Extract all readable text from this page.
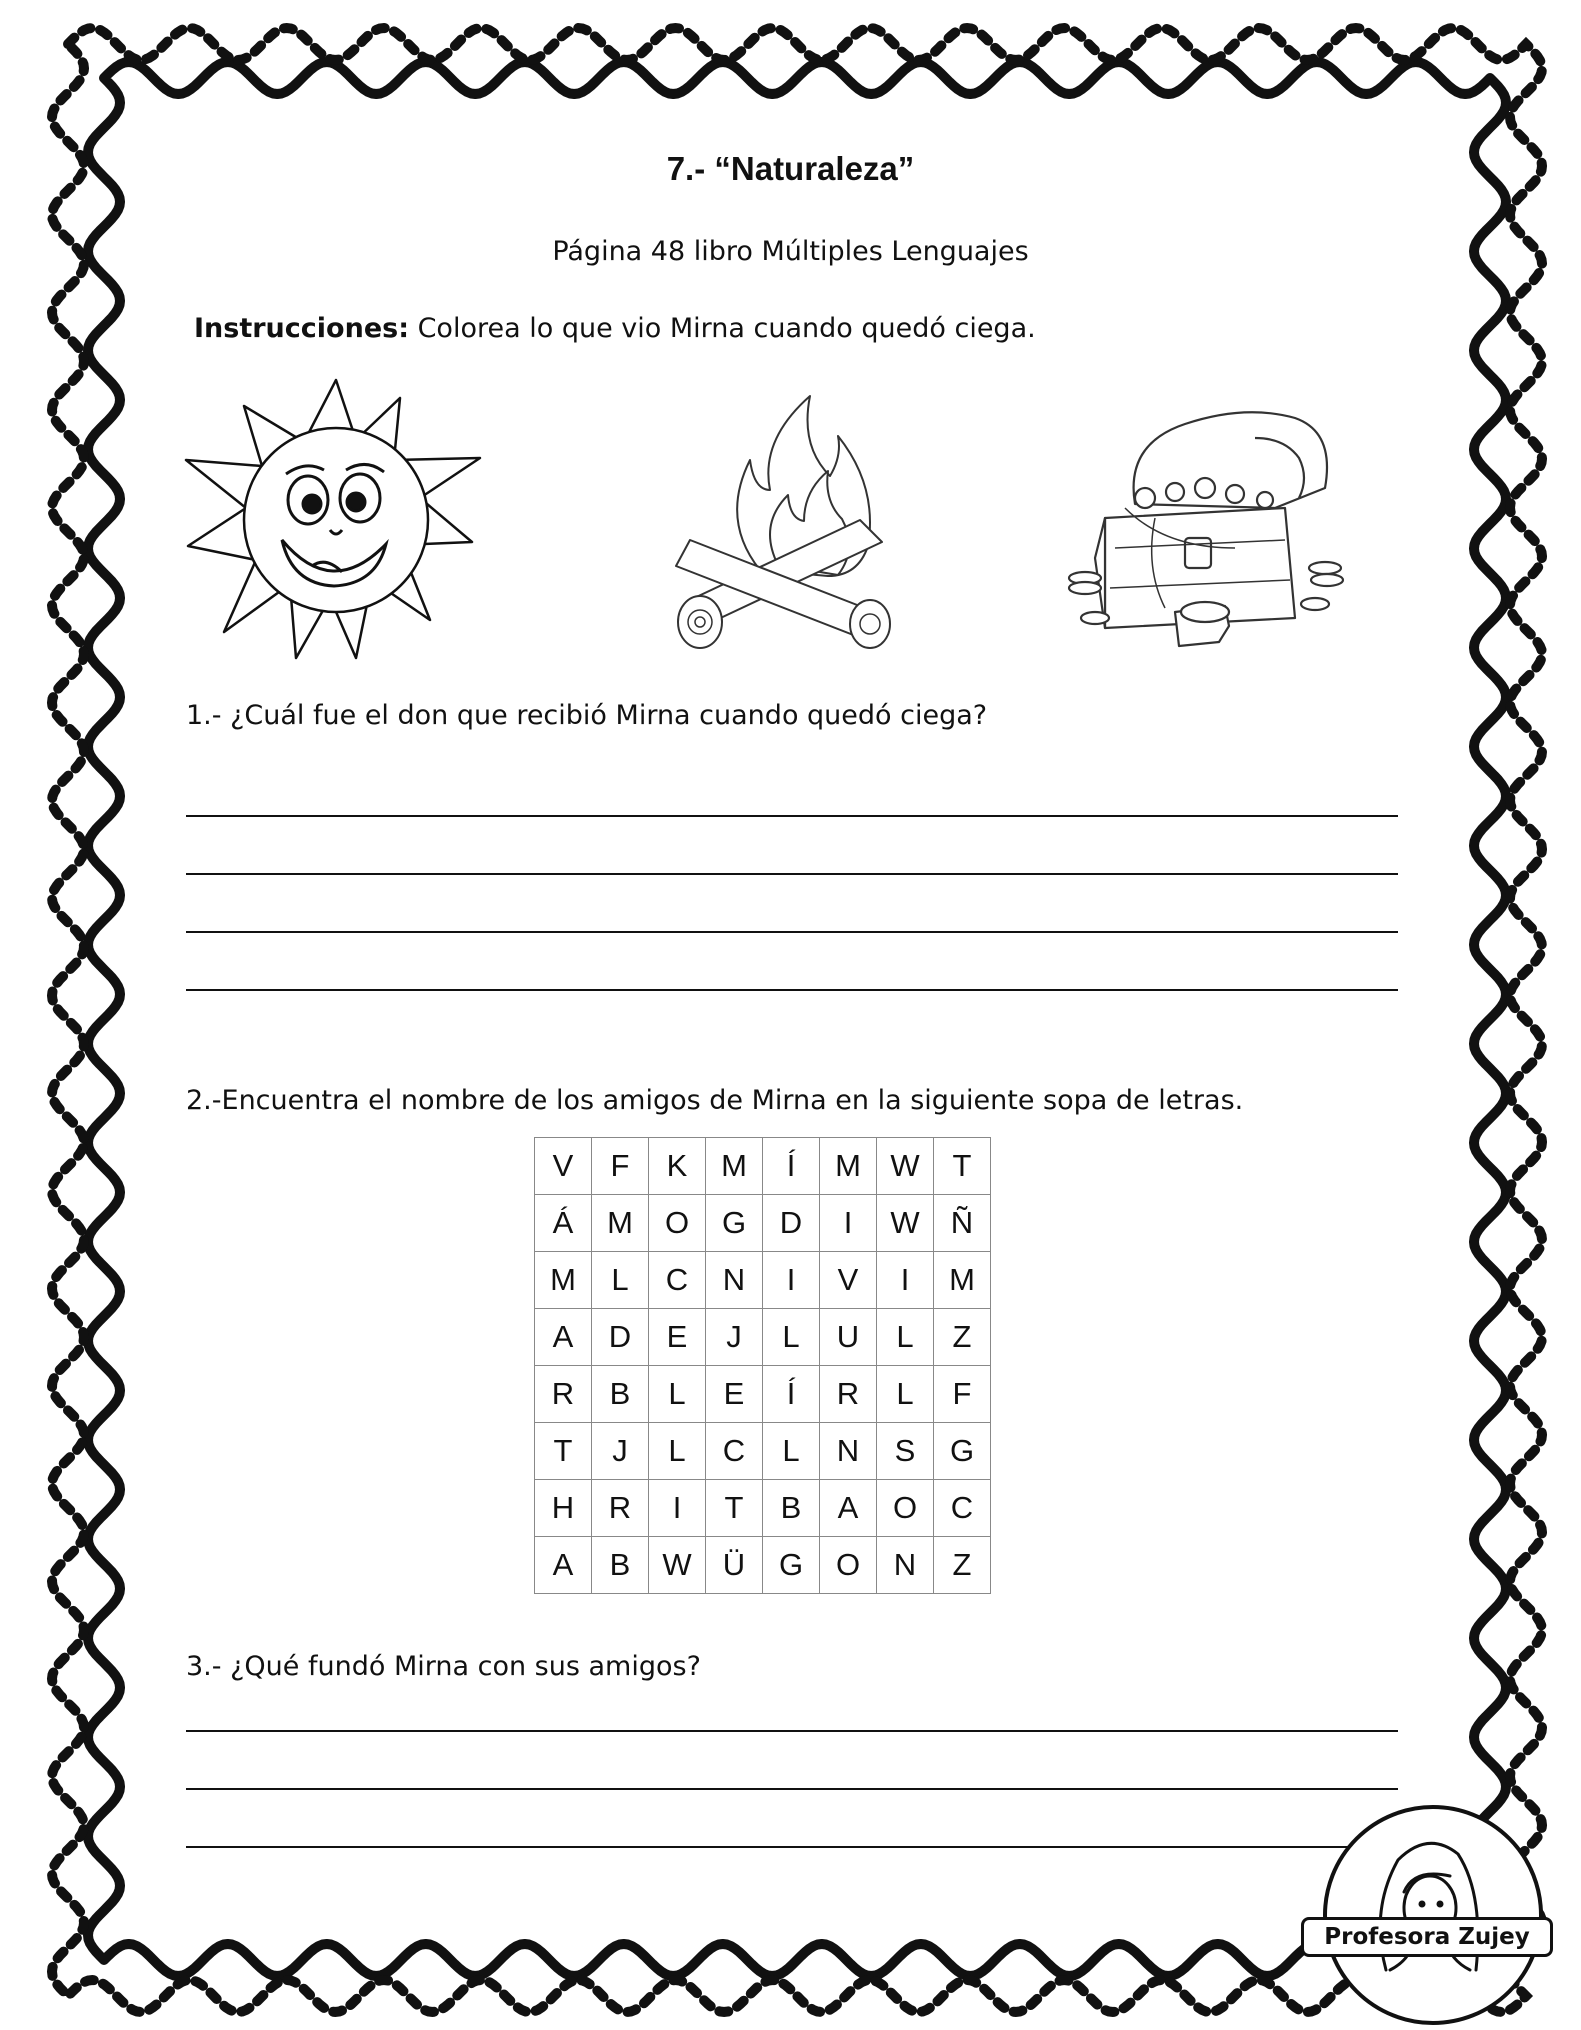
7.- “Naturaleza”
Página 48 libro Múltiples Lenguajes
Instrucciones: Colorea lo que vio Mirna cuando quedó ciega.
1.- ¿Cuál fue el don que recibió Mirna cuando quedó ciega?
2.-Encuentra el nombre de los amigos de Mirna en la siguiente sopa de letras.
V	F	K	M	Í	M	W	T
Á	M	O	G	D	I	W	Ñ
M	L	C	N	I	V	I	M
A	D	E	J	L	U	L	Z
R	B	L	E	Í	R	L	F
T	J	L	C	L	N	S	G
H	R	I	T	B	A	O	C
A	B	W	Ü	G	O	N	Z
3.- ¿Qué fundó Mirna con sus amigos?
Profesora Zujey
